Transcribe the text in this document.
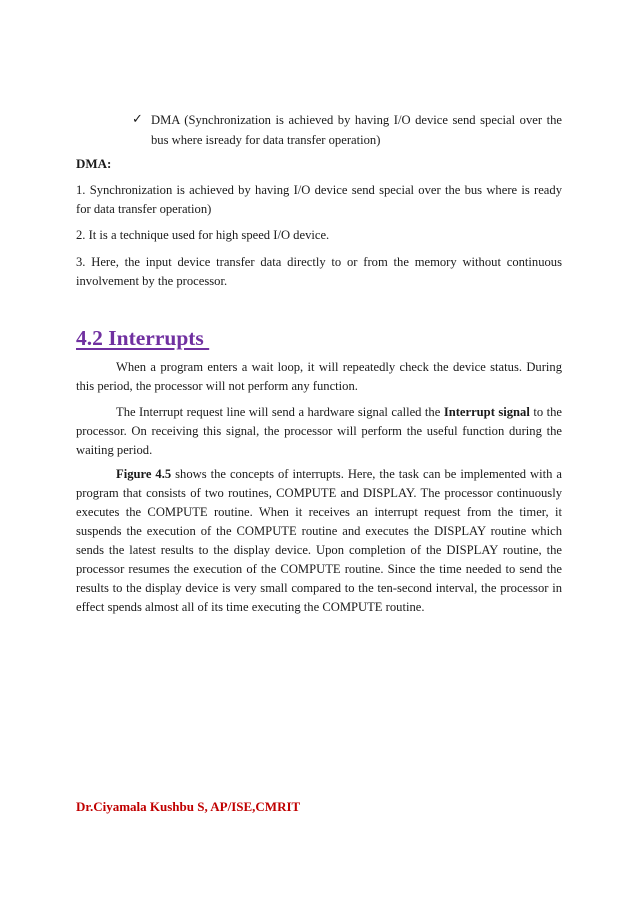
✓ DMA (Synchronization is achieved by having I/O device send special over the bus where isready for data transfer operation)
DMA:
1. Synchronization is achieved by having I/O device send special over the bus where is ready for data transfer operation)
2. It is a technique used for high speed I/O device.
3. Here, the input device transfer data directly to or from the memory without continuous involvement by the processor.
4.2 Interrupts
When a program enters a wait loop, it will repeatedly check the device status. During this period, the processor will not perform any function.
The Interrupt request line will send a hardware signal called the Interrupt signal to the processor. On receiving this signal, the processor will perform the useful function during the waiting period.
Figure 4.5 shows the concepts of interrupts. Here, the task can be implemented with a program that consists of two routines, COMPUTE and DISPLAY. The processor continuously executes the COMPUTE routine. When it receives an interrupt request from the timer, it suspends the execution of the COMPUTE routine and executes the DISPLAY routine which sends the latest results to the display device. Upon completion of the DISPLAY routine, the processor resumes the execution of the COMPUTE routine. Since the time needed to send the results to the display device is very small compared to the ten-second interval, the processor in effect spends almost all of its time executing the COMPUTE routine.
Dr.Ciyamala Kushbu S, AP/ISE,CMRIT
